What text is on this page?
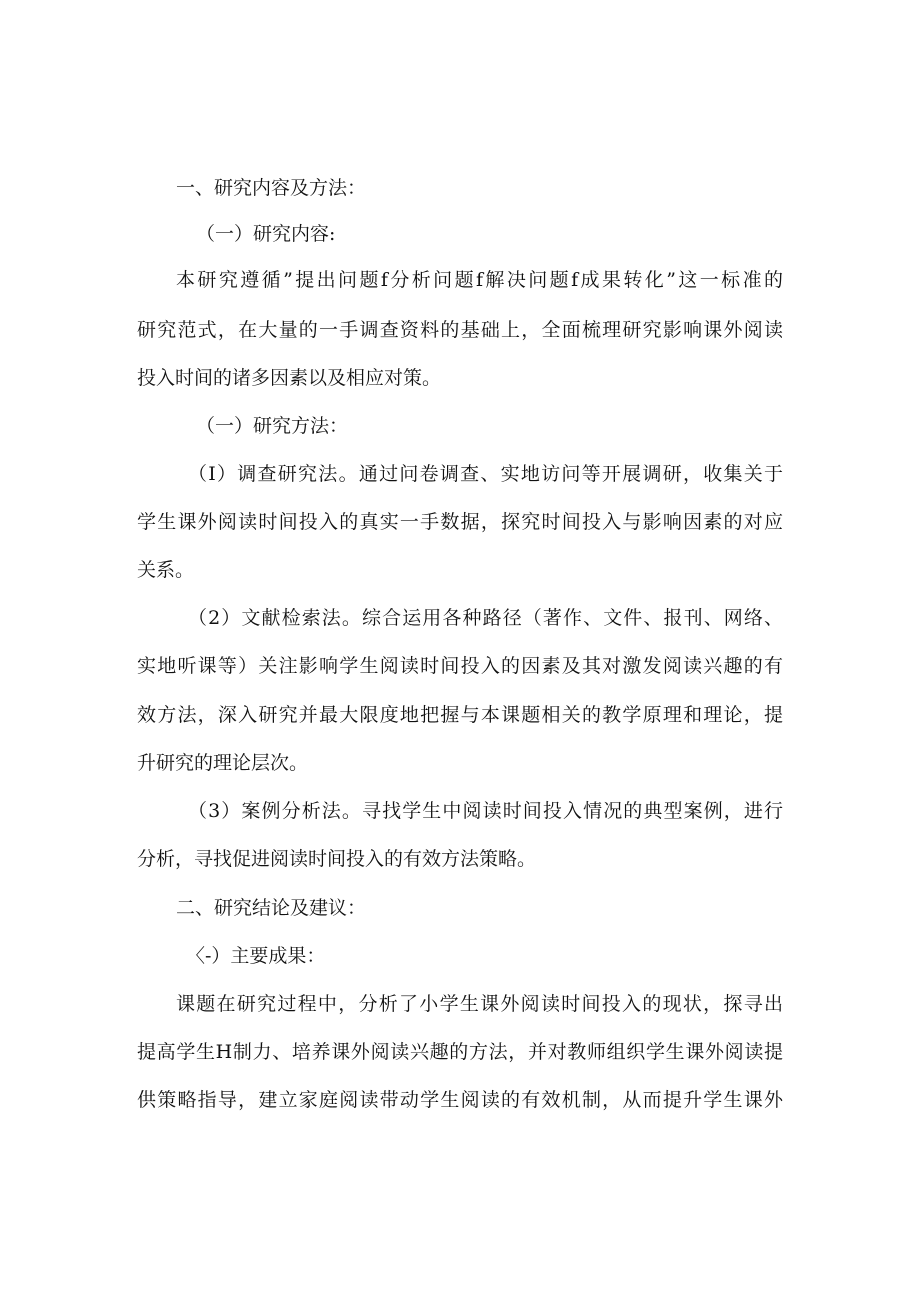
一、研究内容及方法：

（一）研究内容:

本研究遵循”提出问题f分析问题f解决问题f成果转化”这一标准的

研究范式，在大量的一手调查资料的基础上，全面梳理研究影响课外阅读

投入时间的诸多因素以及相应对策。

（一）研究方法：

（I）调查研究法。通过问卷调查、实地访问等开展调研，收集关于

学生课外阅读时间投入的真实一手数据，探究时间投入与影响因素的对应

关系。

（2）文献检索法。综合运用各种路径（著作、文件、报刊、网络、

实地听课等）关注影响学生阅读时间投入的因素及其对激发阅读兴趣的有

效方法，深入研究并最大限度地把握与本课题相关的教学原理和理论，提

升研究的理论层次。

（3）案例分析法。寻找学生中阅读时间投入情况的典型案例，进行

分析，寻找促进阅读时间投入的有效方法策略。

二、研究结论及建议：

〈-）主要成果：

课题在研究过程中，分析了小学生课外阅读时间投入的现状，探寻出

提高学生H制力、培养课外阅读兴趣的方法，并对教师组织学生课外阅读提

供策略指导，建立家庭阅读带动学生阅读的有效机制，从而提升学生课外
